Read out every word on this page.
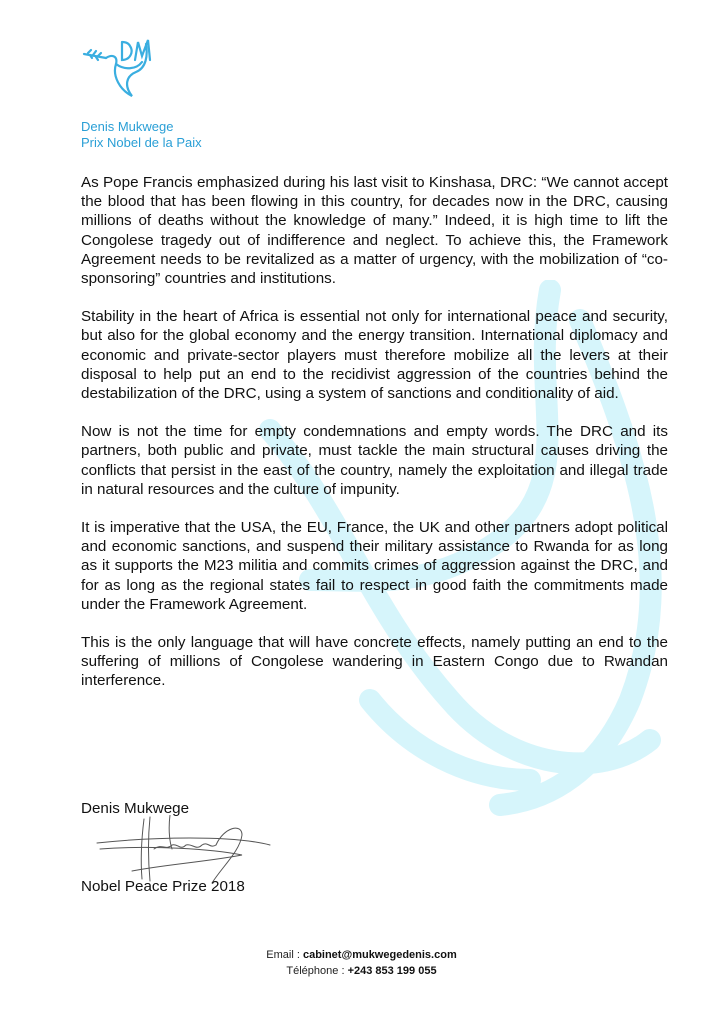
Denis Mukwege
Prix Nobel de la Paix

As Pope Francis emphasized during his last visit to Kinshasa, DRC: “We cannot accept the blood that has been flowing in this country, for decades now in the DRC, causing millions of deaths without the knowledge of many.” Indeed, it is high time to lift the Congolese tragedy out of indifference and neglect. To achieve this, the Framework Agreement needs to be revitalized as a matter of urgency, with the mobilization of “co-sponsoring” countries and institutions.

Stability in the heart of Africa is essential not only for international peace and security, but also for the global economy and the energy transition. International diplomacy and economic and private-sector players must therefore mobilize all the levers at their disposal to help put an end to the recidivist aggression of the countries behind the destabilization of the DRC, using a system of sanctions and conditionality of aid.

Now is not the time for empty condemnations and empty words. The DRC and its partners, both public and private, must tackle the main structural causes driving the conflicts that persist in the east of the country, namely the exploitation and illegal trade in natural resources and the culture of impunity.

It is imperative that the USA, the EU, France, the UK and other partners adopt political and economic sanctions, and suspend their military assistance to Rwanda for as long as it supports the M23 militia and commits crimes of aggression against the DRC, and for as long as the regional states fail to respect in good faith the commitments made under the Framework Agreement.

This is the only language that will have concrete effects, namely putting an end to the suffering of millions of Congolese wandering in Eastern Congo due to Rwandan interference.

Denis Mukwege
Nobel Peace Prize 2018
Email : cabinet@mukwegedenis.com
Téléphone : +243 853 199 055
